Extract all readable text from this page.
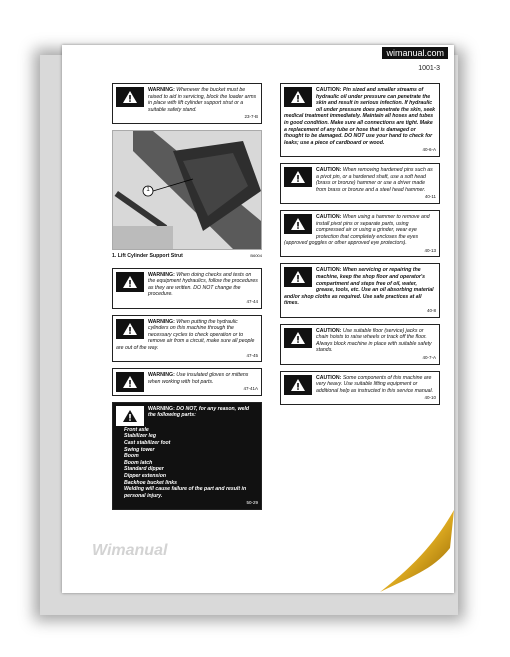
wimanual.com
1001-3
WARNING: Whenever the bucket must be raised to aid in servicing, block the loader arms in place with lift cylinder support strut or a suitable safety stand.
23-7-B
1
1. Lift Cylinder Support Strut	B6004
WARNING: When doing checks and tests on the equipment hydraulics, follow the procedures as they are written. DO NOT change the procedure.
47-44
WARNING: When putting the hydraulic cylinders on this machine through the necessary cycles to check operation or to remove air from a circuit, make sure all people are out of the way.
47-45
WARNING: Use insulated gloves or mittens when working with hot parts.
47-41A
WARNING: DO NOT, for any reason, weld the following parts:
Front axle
Stabilizer leg
Cast stabilizer foot
Swing tower
Boom
Boom latch
Standard dipper
Dipper extension
Backhoe bucket links
Welding will cause failure of the part and result in personal injury.
50-29
CAUTION: Pin sized and smaller streams of hydraulic oil under pressure can penetrate the skin and result in serious infection. If hydraulic oil under pressure does penetrate the skin, seek medical treatment immediately. Maintain all hoses and tubes in good condition. Make sure all connections are tight. Make a replacement of any tube or hose that is damaged or thought to be damaged. DO NOT use your hand to check for leaks; use a piece of cardboard or wood.
40-6-A
CAUTION: When removing hardened pins such as a pivot pin, or a hardened shaft, use a soft head (brass or bronze) hammer or use a driver made from brass or bronze and a steel head hammer.
40-11
CAUTION: When using a hammer to remove and install pivot pins or separate parts, using compressed air or using a grinder, wear eye protection that completely encloses the eyes (approved goggles or other approved eye protectors).
40-13
CAUTION: When servicing or repairing the machine, keep the shop floor and operator's compartment and steps free of oil, water, grease, tools, etc. Use an oil absorbing material and/or shop cloths as required. Use safe practices at all times.
40-8
CAUTION: Use suitable floor (service) jacks or chain hoists to raise wheels or track off the floor. Always block machine in place with suitable safety stands.
40-7-A
CAUTION: Some components of this machine are very heavy. Use suitable lifting equipment or additional help as instructed in this service manual.
40-10
Wimanual
